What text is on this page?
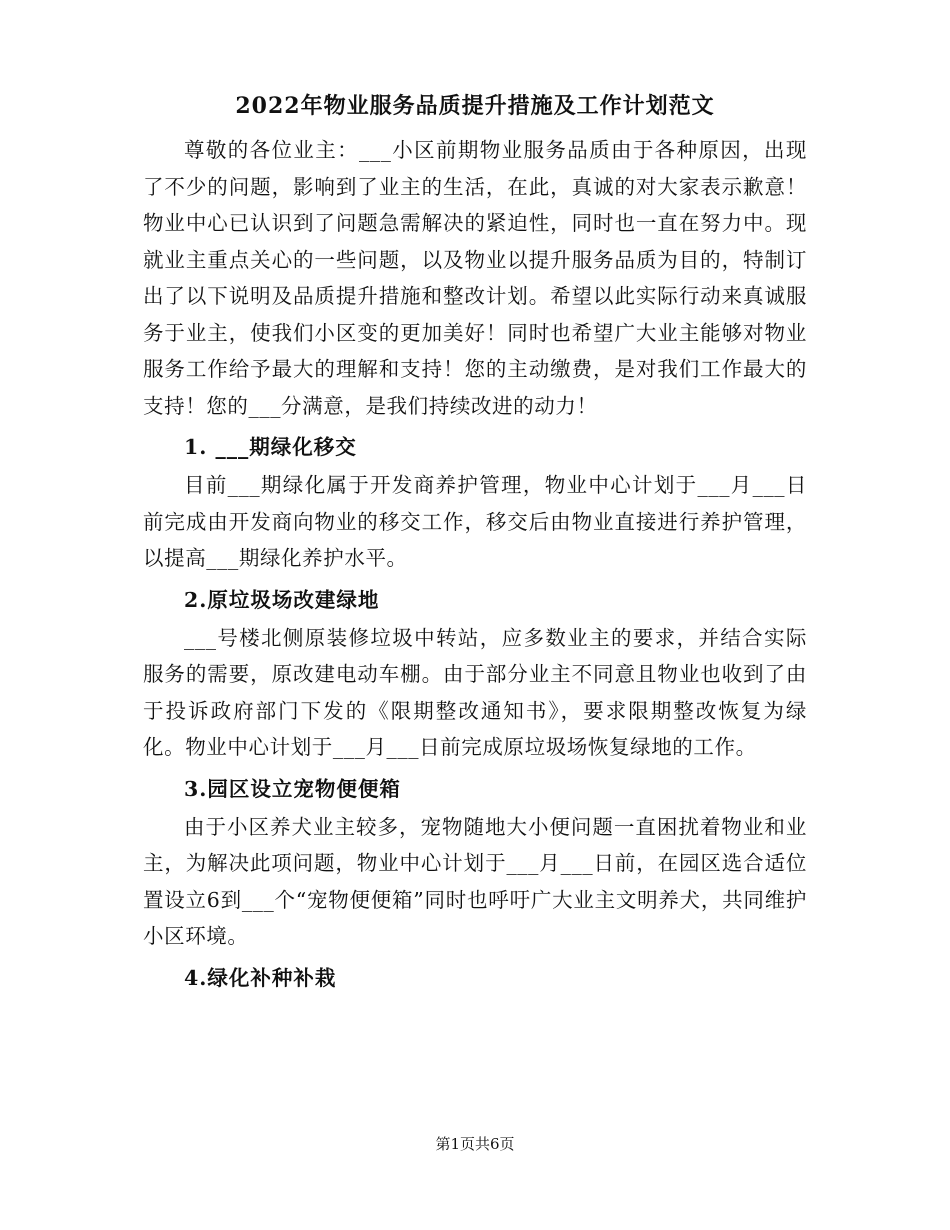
2022年物业服务品质提升措施及工作计划范文

尊敬的各位业主：___小区前期物业服务品质由于各种原因，出现了不少的问题，影响到了业主的生活，在此，真诚的对大家表示歉意！物业中心已认识到了问题急需解决的紧迫性，同时也一直在努力中。现就业主重点关心的一些问题，以及物业以提升服务品质为目的，特制订出了以下说明及品质提升措施和整改计划。希望以此实际行动来真诚服务于业主，使我们小区变的更加美好！同时也希望广大业主能够对物业服务工作给予最大的理解和支持！您的主动缴费，是对我们工作最大的支持！您的___分满意，是我们持续改进的动力！

1. ___期绿化移交

目前___期绿化属于开发商养护管理，物业中心计划于___月___日前完成由开发商向物业的移交工作，移交后由物业直接进行养护管理，以提高___期绿化养护水平。

2.原垃圾场改建绿地

___号楼北侧原装修垃圾中转站，应多数业主的要求，并结合实际服务的需要，原改建电动车棚。由于部分业主不同意且物业也收到了由于投诉政府部门下发的《限期整改通知书》，要求限期整改恢复为绿化。物业中心计划于___月___日前完成原垃圾场恢复绿地的工作。

3.园区设立宠物便便箱

由于小区养犬业主较多，宠物随地大小便问题一直困扰着物业和业主，为解决此项问题，物业中心计划于___月___日前，在园区选合适位置设立6到___个“宠物便便箱”同时也呼吁广大业主文明养犬，共同维护小区环境。

4.绿化补种补栽
第1页共6页
